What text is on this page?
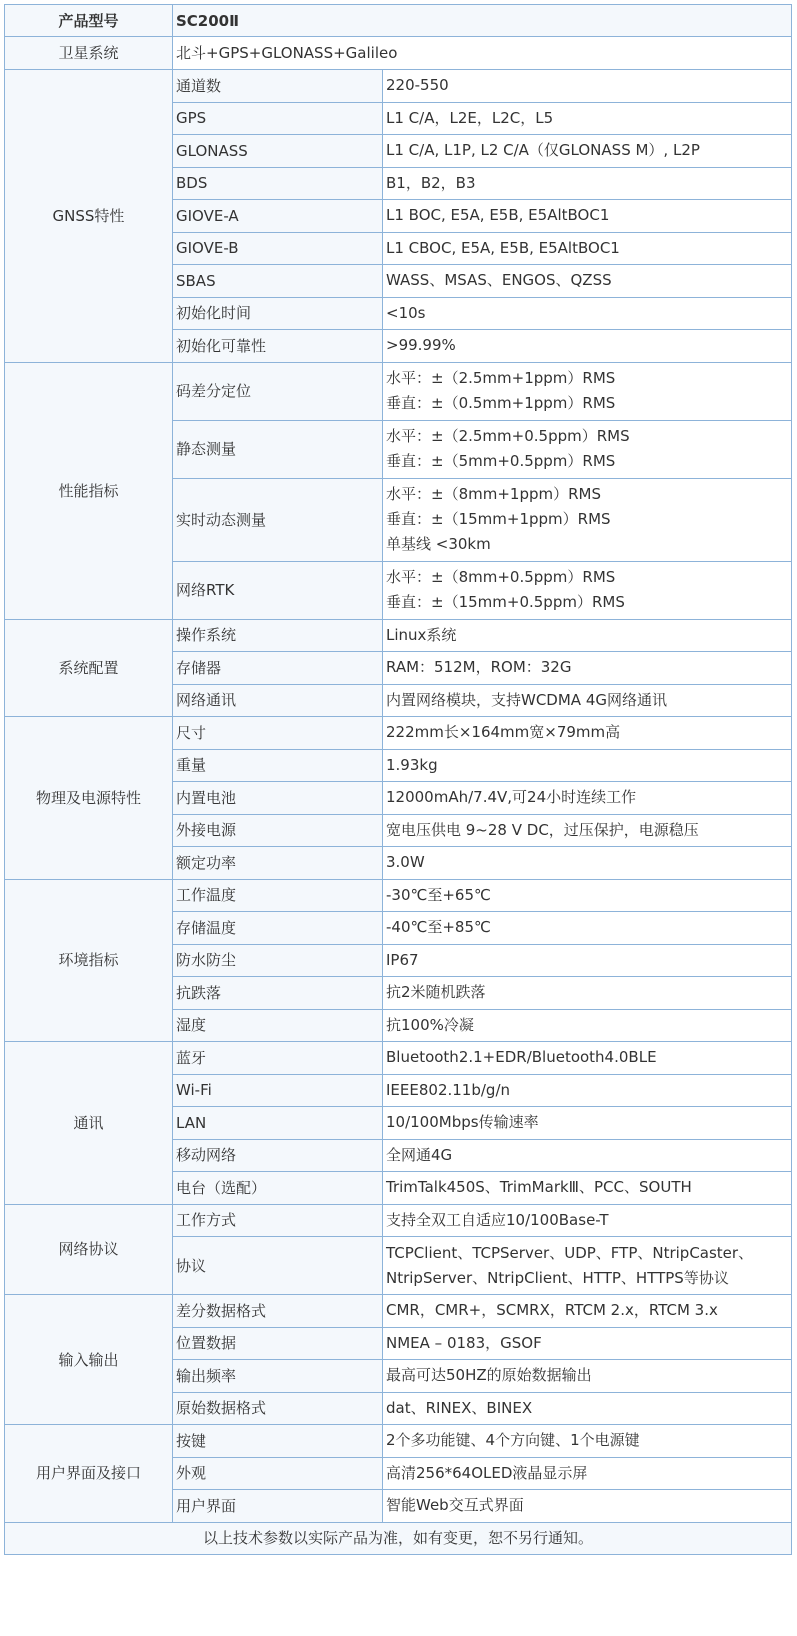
产品型号	SC200Ⅱ	
卫星系统	北斗+GPS+GLONASS+Galileo	
GNSS特性	通道数	220-550

	GPS	L1 C/A，L2E，L2C，L5

	GLONASS	L1 C/A, L1P, L2 C/A（仅GLONASS M）, L2P

	BDS	B1，B2，B3

	GIOVE-A	L1 BOC, E5A, E5B, E5AltBOC1

	GIOVE-B	L1 CBOC, E5A, E5B, E5AltBOC1

	SBAS	WASS、MSAS、ENGOS、QZSS

	初始化时间	<10s

	初始化可靠性	>99.99%

性能指标	码差分定位	水平：±（2.5mm+1ppm）RMS
垂直：±（0.5mm+1ppm）RMS

	静态测量	水平：±（2.5mm+0.5ppm）RMS
垂直：±（5mm+0.5ppm）RMS

	实时动态测量	水平：±（8mm+1ppm）RMS
垂直：±（15mm+1ppm）RMS
单基线 <30km

	网络RTK	水平：±（8mm+0.5ppm）RMS
垂直：±（15mm+0.5ppm）RMS

系统配置	操作系统	Linux系统

	存储器	RAM：512M，ROM：32G

	网络通讯	内置网络模块，支持WCDMA 4G网络通讯

物理及电源特性	尺寸	222mm长×164mm宽×79mm高

	重量	1.93kg

	内置电池	12000mAh/7.4V,可24小时连续工作

	外接电源	宽电压供电 9~28 V DC，过压保护，电源稳压

	额定功率	3.0W

环境指标	工作温度	-30℃至+65℃

	存储温度	-40℃至+85℃

	防水防尘	IP67

	抗跌落	抗2米随机跌落

	湿度	抗100%冷凝

通讯	蓝牙	Bluetooth2.1+EDR/Bluetooth4.0BLE

	Wi-Fi	IEEE802.11b/g/n

	LAN	10/100Mbps传输速率

	移动网络	全网通4G

	电台（选配）	TrimTalk450S、TrimMarkⅢ、PCC、SOUTH

网络协议	工作方式	支持全双工自适应10/100Base-T

	协议	TCPClient、TCPServer、UDP、FTP、NtripCaster、
NtripServer、NtripClient、HTTP、HTTPS等协议

输入输出	差分数据格式	CMR，CMR+，SCMRX，RTCM 2.x，RTCM 3.x

	位置数据	NMEA – 0183，GSOF

	输出频率	最高可达50HZ的原始数据输出

	原始数据格式	dat、RINEX、BINEX

用户界面及接口	按键	2个多功能键、4个方向键、1个电源键

	外观	高清256*64OLED液晶显示屏

	用户界面	智能Web交互式界面

以上技术参数以实际产品为准，如有变更，恕不另行通知。		
